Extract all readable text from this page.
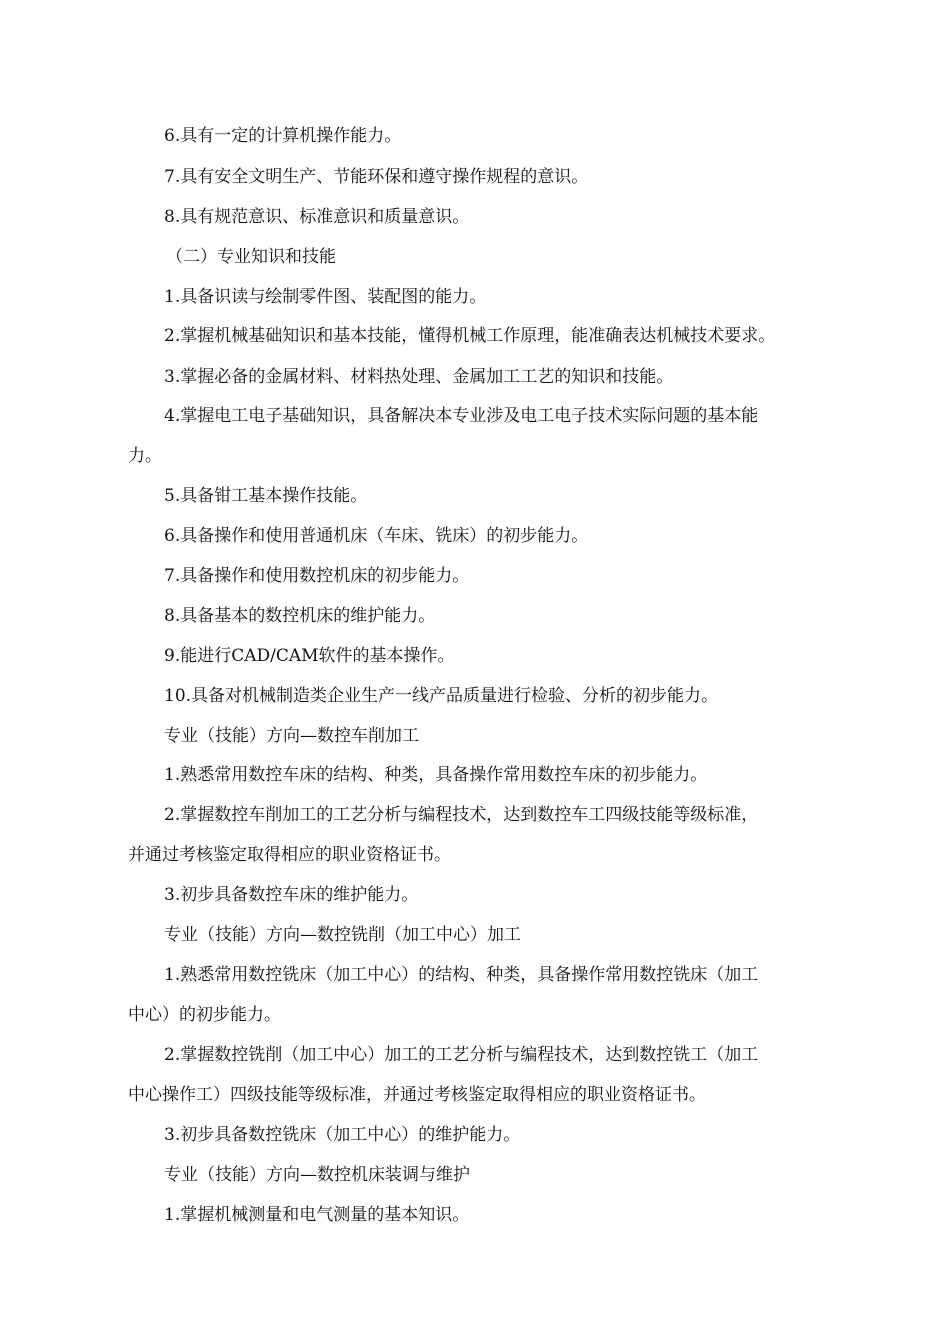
6.具有一定的计算机操作能力。
7.具有安全文明生产、节能环保和遵守操作规程的意识。
8.具有规范意识、标准意识和质量意识。
（二）专业知识和技能
1.具备识读与绘制零件图、装配图的能力。
2.掌握机械基础知识和基本技能，懂得机械工作原理，能准确表达机械技术要求。
3.掌握必备的金属材料、材料热处理、金属加工工艺的知识和技能。
4.掌握电工电子基础知识，具备解决本专业涉及电工电子技术实际问题的基本能
力。
5.具备钳工基本操作技能。
6.具备操作和使用普通机床（车床、铣床）的初步能力。
7.具备操作和使用数控机床的初步能力。
8.具备基本的数控机床的维护能力。
9.能进行CAD/CAM软件的基本操作。
10.具备对机械制造类企业生产一线产品质量进行检验、分析的初步能力。
专业（技能）方向—数控车削加工
1.熟悉常用数控车床的结构、种类，具备操作常用数控车床的初步能力。
2.掌握数控车削加工的工艺分析与编程技术，达到数控车工四级技能等级标准，
并通过考核鉴定取得相应的职业资格证书。
3.初步具备数控车床的维护能力。
专业（技能）方向—数控铣削（加工中心）加工
1.熟悉常用数控铣床（加工中心）的结构、种类，具备操作常用数控铣床（加工
中心）的初步能力。
2.掌握数控铣削（加工中心）加工的工艺分析与编程技术，达到数控铣工（加工
中心操作工）四级技能等级标准，并通过考核鉴定取得相应的职业资格证书。
3.初步具备数控铣床（加工中心）的维护能力。
专业（技能）方向—数控机床装调与维护
1.掌握机械测量和电气测量的基本知识。
